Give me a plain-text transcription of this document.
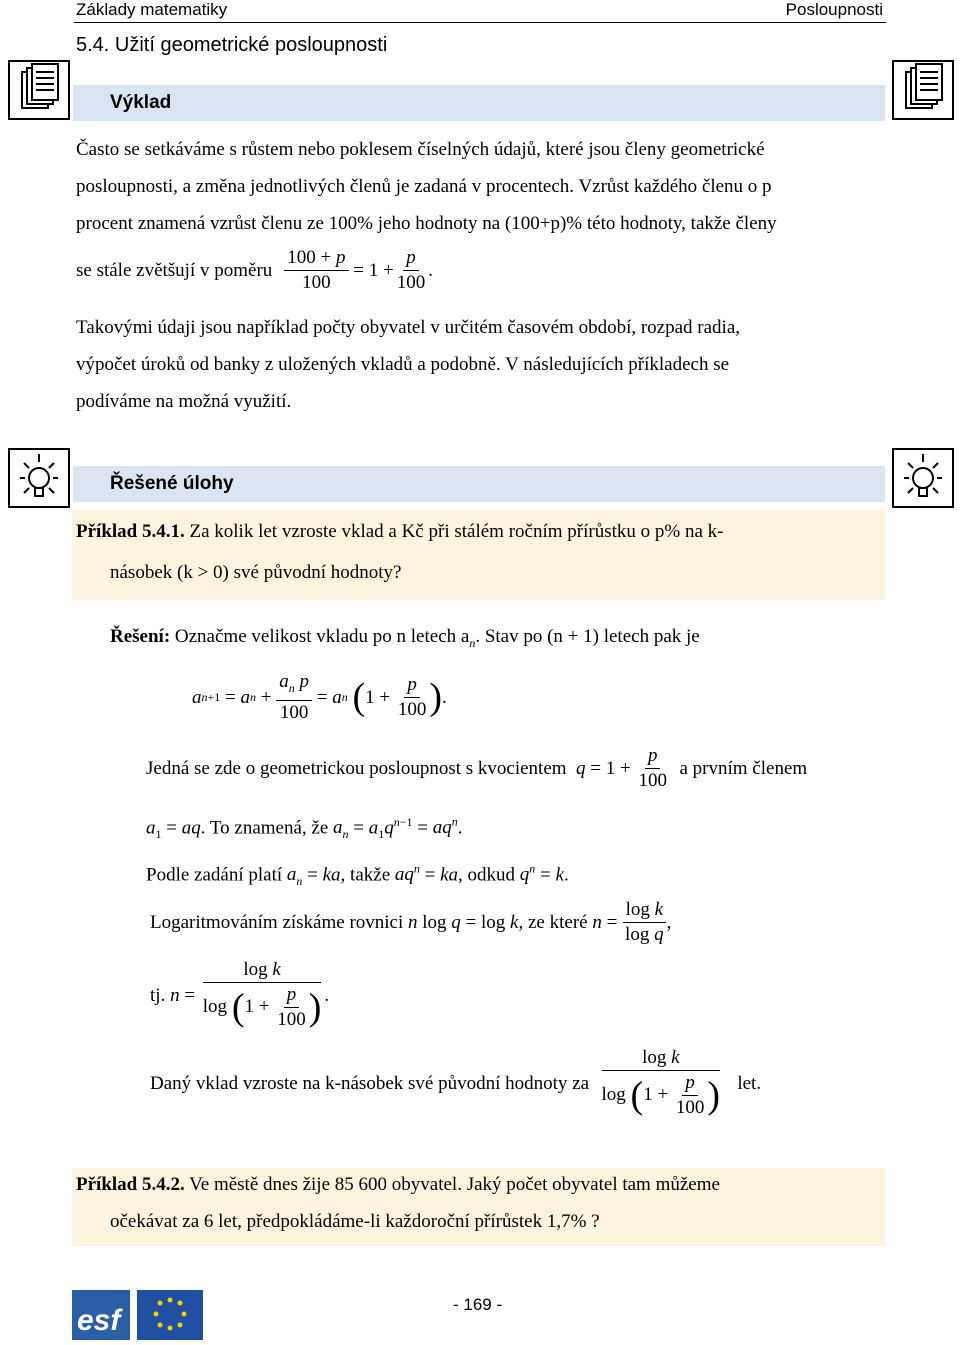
Základy matematiky	Posloupnosti
5.4. Užití geometrické posloupnosti
Výklad
Často se setkáváme s růstem nebo poklesem číselných údajů, které jsou členy geometrické
posloupnosti, a změna jednotlivých členů je zadaná v procentech. Vzrůst každého členu o p
procent znamená vzrůst členu ze 100% jeho hodnoty na (100+p)% této hodnoty, takže členy
se stále zvětšují v poměru $\frac{100 + p}{100} = 1 + \frac{p}{100}$ .
Takovými údaji jsou například počty obyvatel v určitém časovém období, rozpad radia,
výpočet úroků od banky z uložených vkladů a podobně. V následujících příkladech se
podíváme na možná využití.
Řešené úlohy
Příklad 5.4.1. Za kolik let vzroste vklad a Kč při stálém ročním přírůstku o p% na k-
násobek (k > 0) své původní hodnoty?
Řešení: Označme velikost vkladu po n letech $a_n$. Stav po (n + 1) letech pak je
a n+1 = a $n + \frac{a_n p}{100} = a$ n
( $1 + \frac{p}{100}$ ) .
Jedná se zde o geometrickou posloupnost s kvocientem
$q = 1 + \frac{p}{100}$
a prvním členem
$a_1$ = aq. To znamená, že $a_n = a_1q^{n-1} = aq^n$.
Podle zadání platí $a_n$ = ka, takže $aq^n$ = ka, odkud $q^n = k$.
Logaritmováním získáme rovnici
n log q = log k , ze které
$n = \frac{\text{log k}}{\text{log q}}$ ,
tj.
$n = \frac{\text{log k}}{\log (1 + \frac{p}{100} )}$ .
Daný vklad vzroste na k-násobek své původní hodnoty za
$\frac{\text{log k}}{\log (1 + \frac{p}{100} )}$
let.
Příklad 5.4.2. Ve městě dnes žije 85 600 obyvatel. Jaký počet obyvatel tam můžeme
očekávat za 6 let, předpokládáme-li každoroční přírůstek 1,7% ?
esf	- 169 -
